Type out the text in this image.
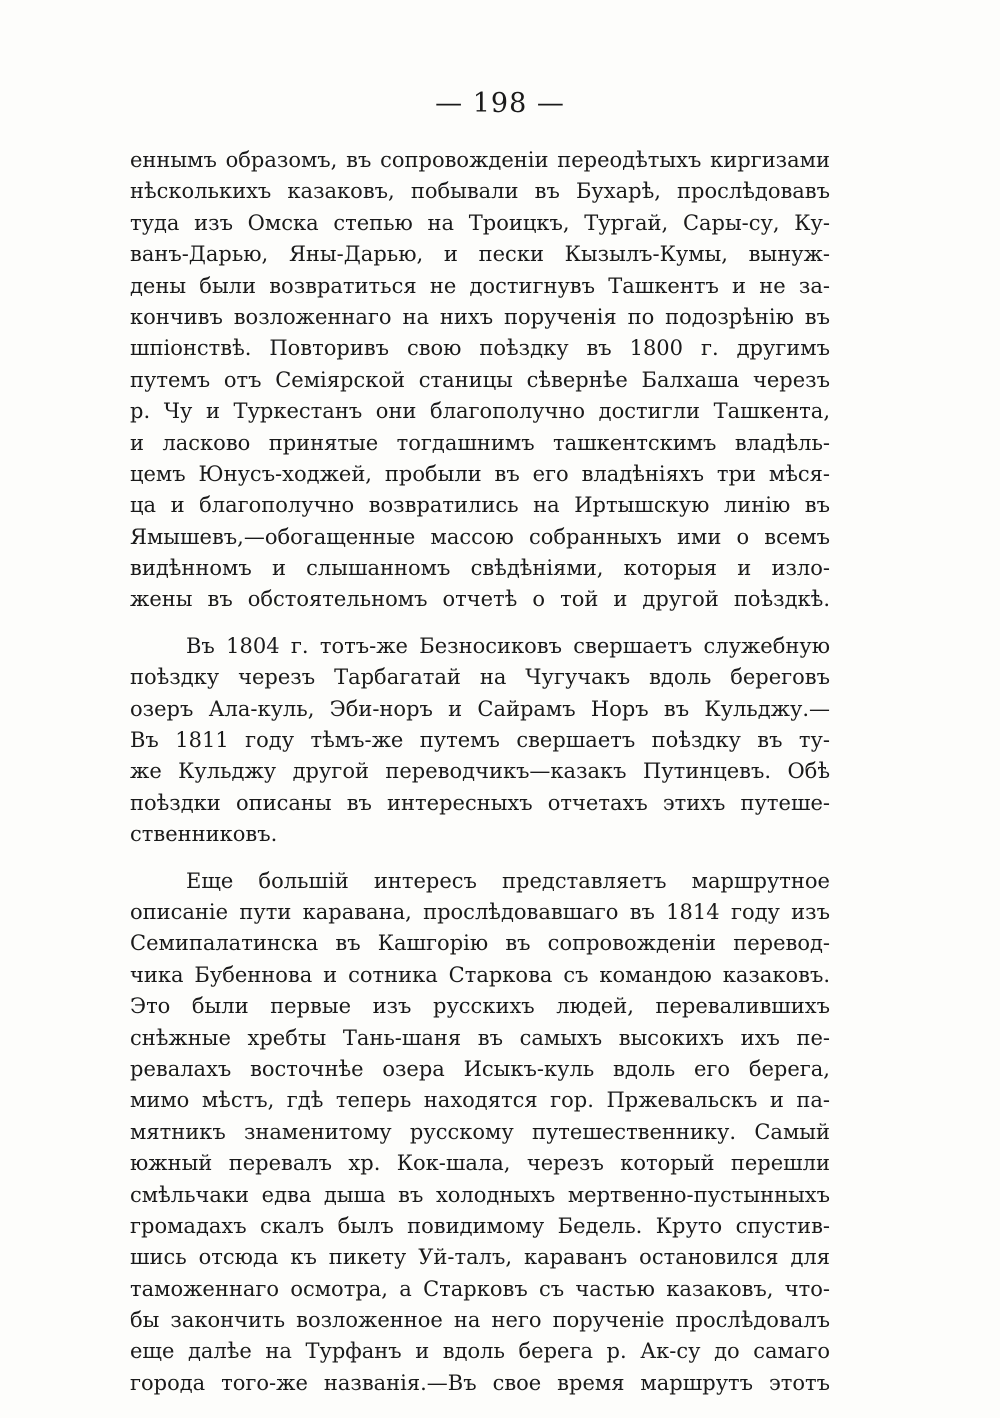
— 198 —
еннымъ образомъ, въ сопровожденіи переодѣтыхъ киргизами
нѣсколькихъ казаковъ, побывали въ Бухарѣ, прослѣдовавъ
туда изъ Омска степью на Троицкъ, Тургай, Сары-су, Ку-
ванъ-Дарью, Яны-Дарью, и пески Кызылъ-Кумы, вынуж-
дены были возвратиться не достигнувъ Ташкентъ и не за-
кончивъ возложеннаго на нихъ порученія по подозрѣнію въ
шпіонствѣ. Повторивъ свою поѣздку въ 1800 г. другимъ
путемъ отъ Семіярской станицы сѣвернѣе Балхаша черезъ
р. Чу и Туркестанъ они благополучно достигли Ташкента,
и ласково принятые тогдашнимъ ташкентскимъ владѣль-
цемъ Юнусъ-ходжей, пробыли въ его владѣніяхъ три мѣся-
ца и благополучно возвратились на Иртышскую линію въ
Ямышевъ,—обогащенные массою собранныхъ ими о всемъ
видѣнномъ и слышанномъ свѣдѣніями, которыя и изло-
жены въ обстоятельномъ отчетѣ о той и другой поѣздкѣ.
Въ 1804 г. тотъ-же Безносиковъ свершаетъ служебную
поѣздку черезъ Тарбагатай на Чугучакъ вдоль береговъ
озеръ Ала-куль, Эби-норъ и Сайрамъ Норъ въ Кульджу.—
Въ 1811 году тѣмъ-же путемъ свершаетъ поѣздку въ ту-
же Кульджу другой переводчикъ—казакъ Путинцевъ. Обѣ
поѣздки описаны въ интересныхъ отчетахъ этихъ путеше-
ственниковъ.
Еще большій интересъ представляетъ маршрутное
описаніе пути каравана, прослѣдовавшаго въ 1814 году изъ
Семипалатинска въ Кашгорію въ сопровожденіи перевод-
чика Бубеннова и сотника Старкова съ командою казаковъ.
Это были первые изъ русскихъ людей, перевалившихъ
снѣжные хребты Тань-шаня въ самыхъ высокихъ ихъ пе-
ревалахъ восточнѣе озера Исыкъ-куль вдоль его берега,
мимо мѣстъ, гдѣ теперь находятся гор. Пржевальскъ и па-
мятникъ знаменитому русскому путешественнику. Самый
южный перевалъ хр. Кок-шала, черезъ который перешли
смѣльчаки едва дыша въ холодныхъ мертвенно-пустынныхъ
громадахъ скалъ былъ повидимому Бедель. Круто спустив-
шись отсюда къ пикету Уй-талъ, караванъ остановился для
таможеннаго осмотра, а Старковъ съ частью казаковъ, что-
бы закончить возложенное на него порученіе прослѣдовалъ
еще далѣе на Турфанъ и вдоль берега р. Ак-су до самаго
города того-же названія.—Въ свое время маршрутъ этотъ
